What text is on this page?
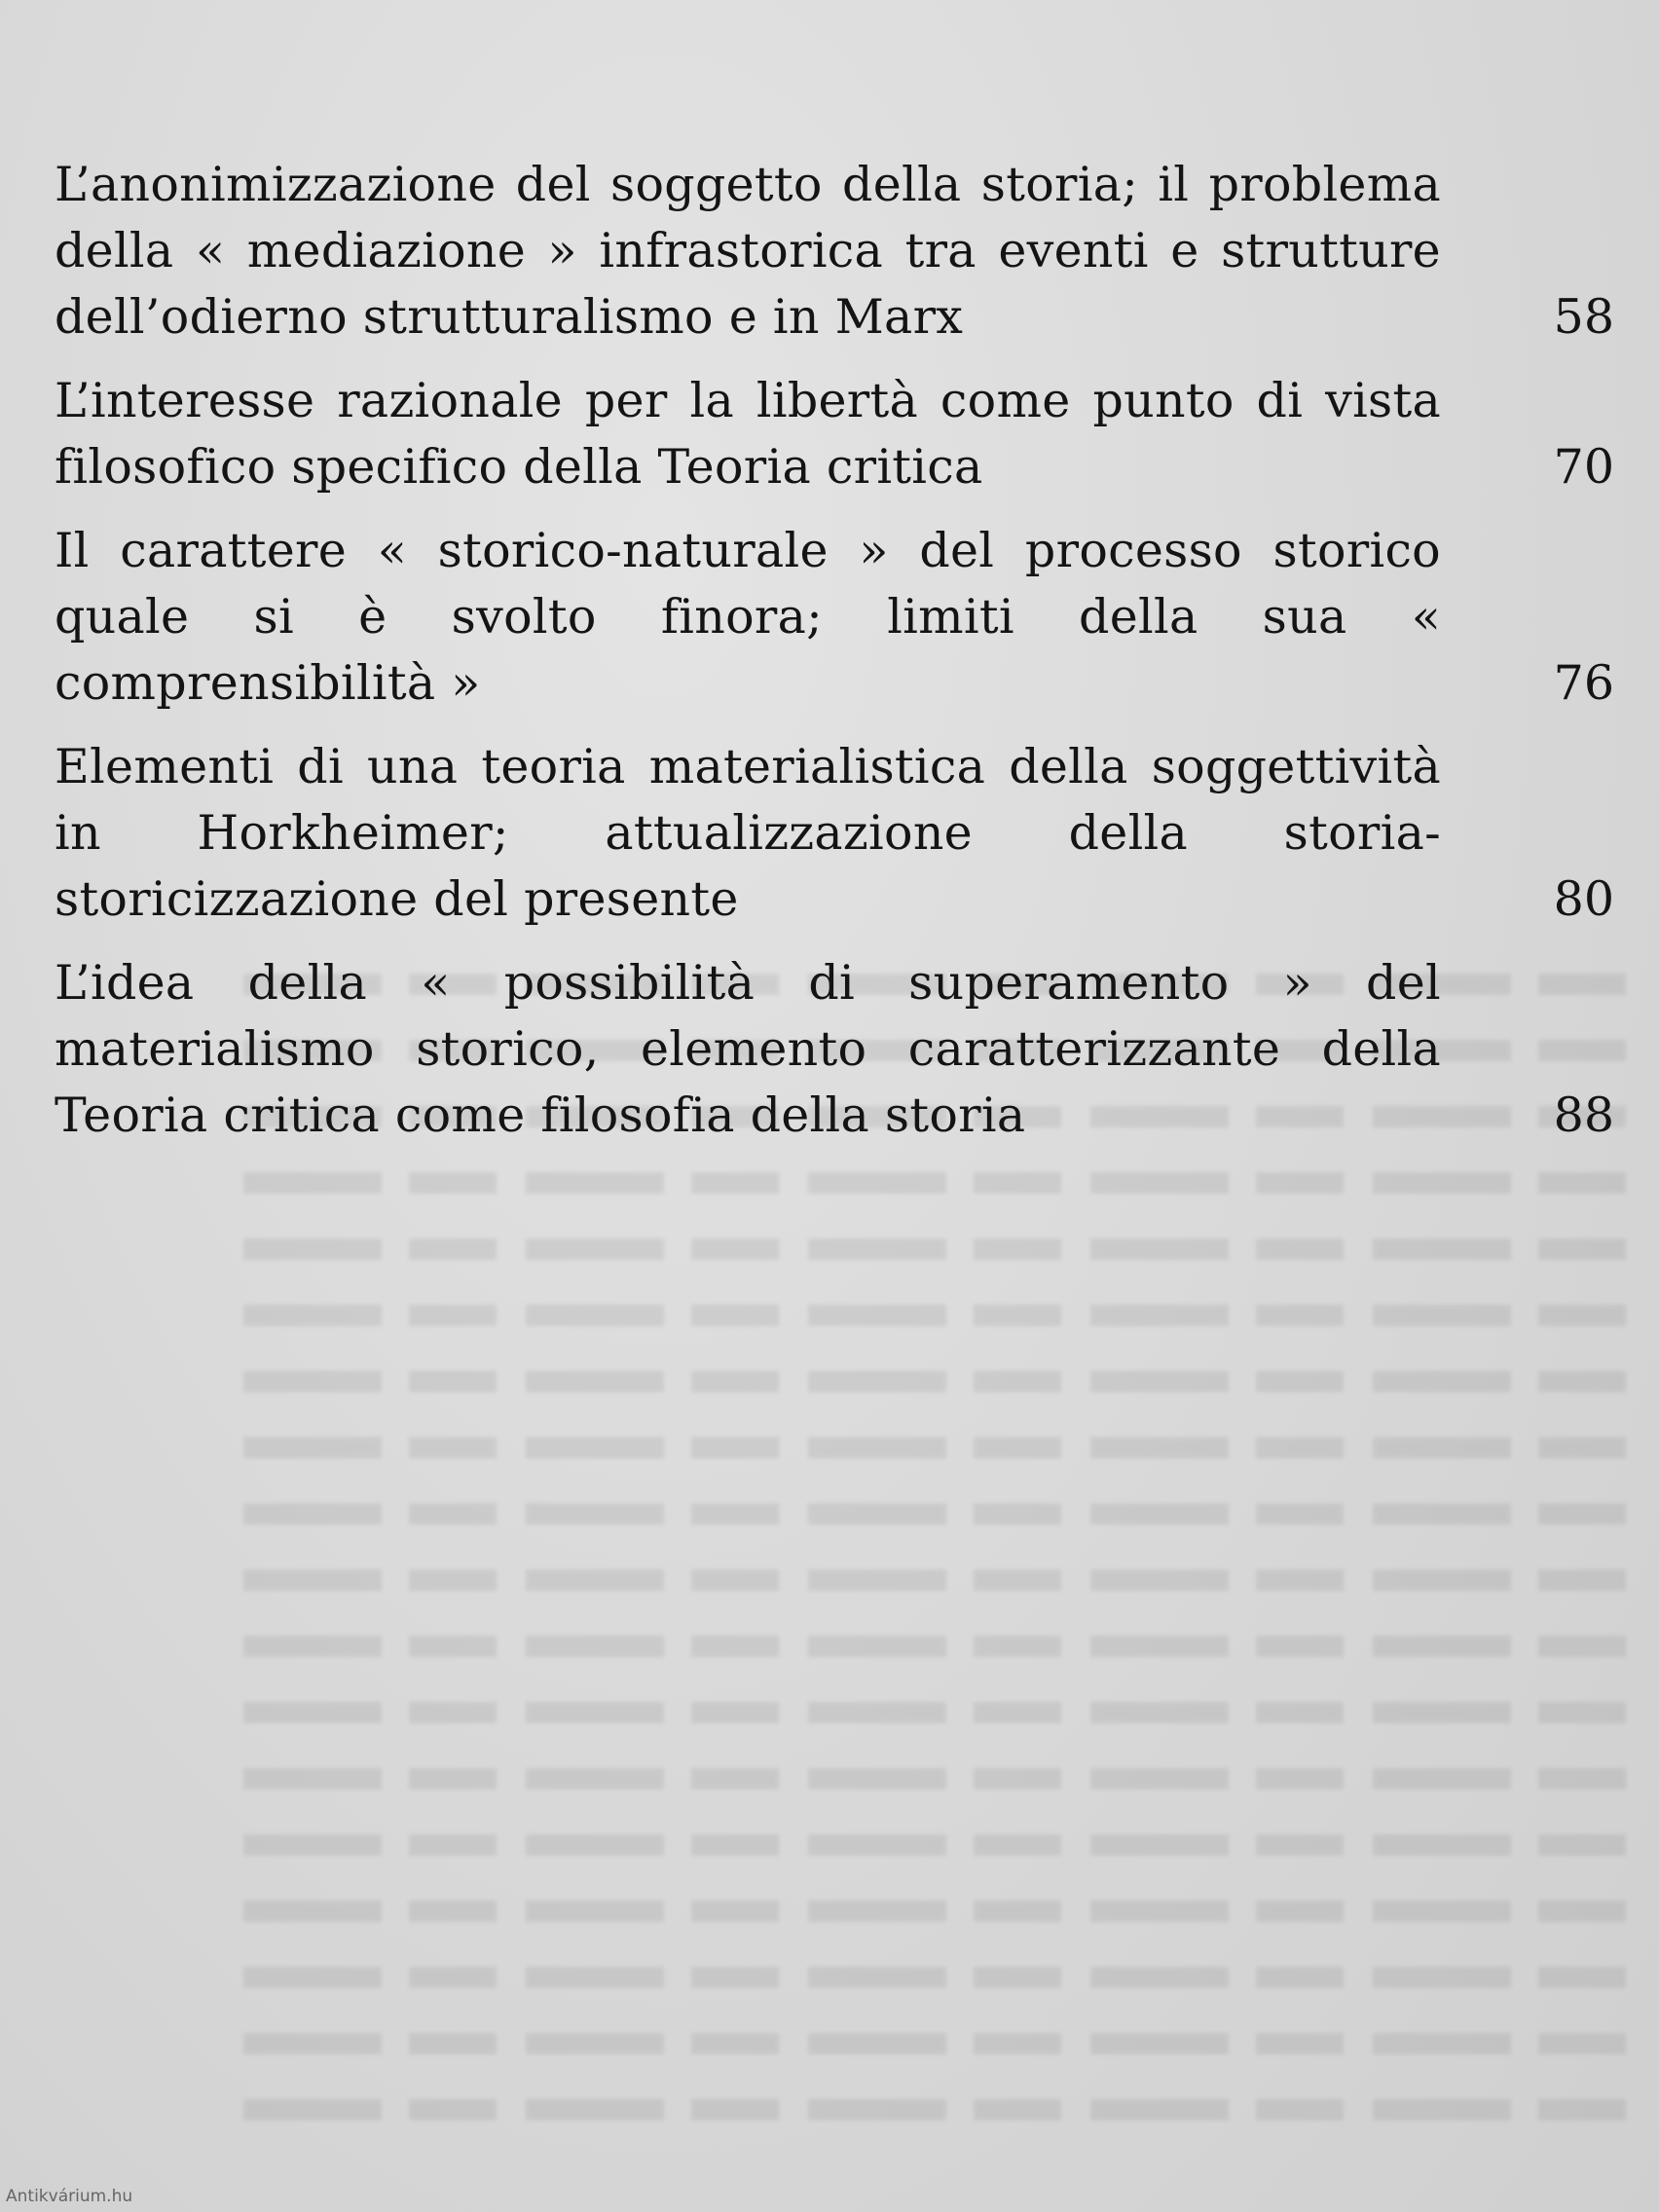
L’anonimizzazione del soggetto della storia; il problema della « mediazione » infrastorica tra eventi e strutture dell’odierno strutturalismo e in Marx	58
L’interesse razionale per la libertà come punto di vista filosofico specifico della Teoria critica	70
Il carattere « storico-naturale » del processo storico quale si è svolto finora; limiti della sua « comprensibilità »	76
Elementi di una teoria materialistica della soggettività in Horkheimer; attualizzazione della storia-storicizzazione del presente	80
L’idea della « possibilità di superamento » del materialismo storico, elemento caratterizzante della Teoria critica come filosofia della storia	88
Antikvárium.hu
